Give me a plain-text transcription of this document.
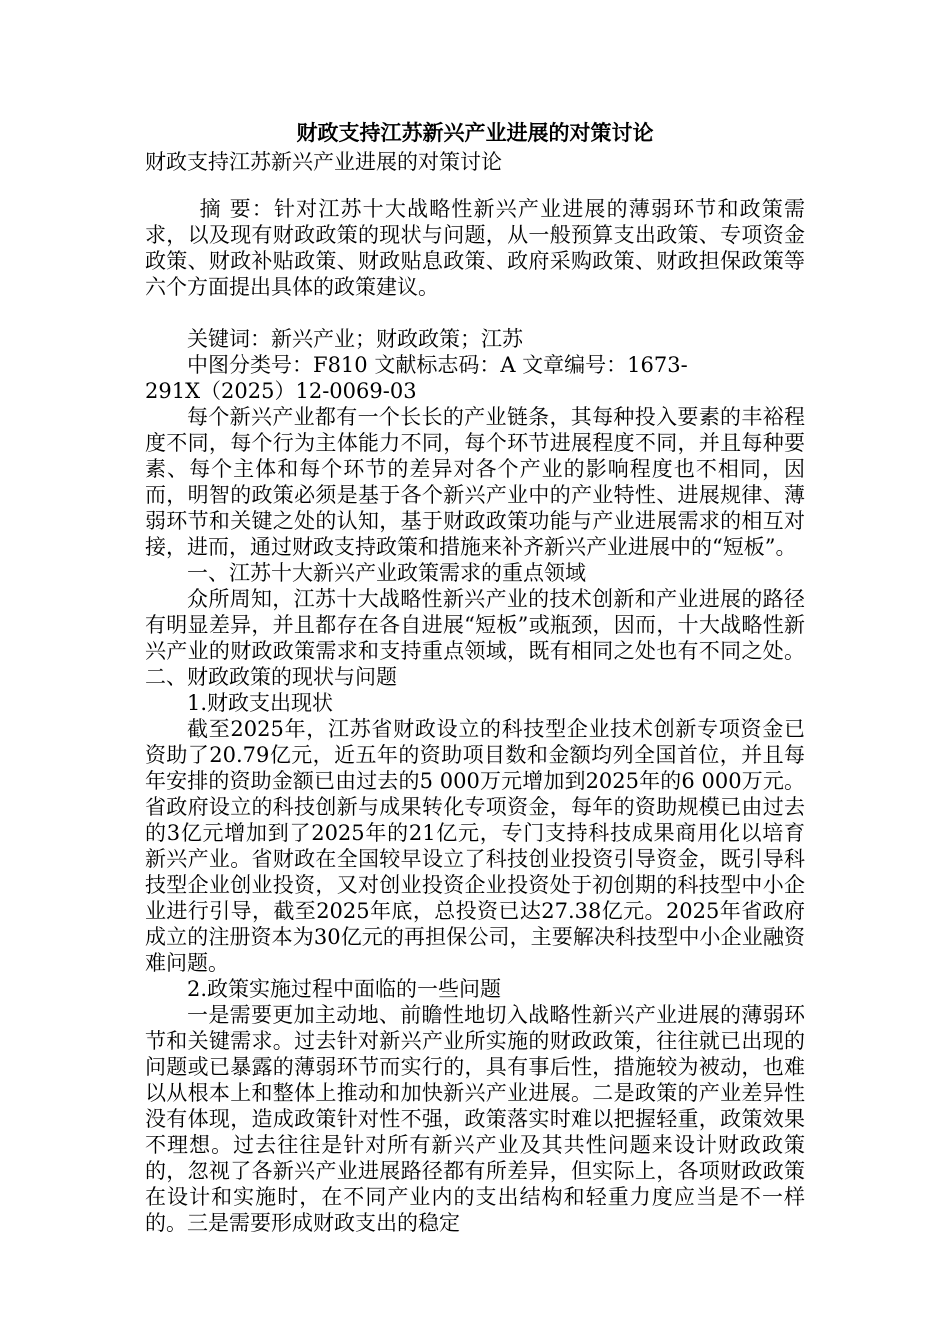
财政支持江苏新兴产业进展的对策讨论

财政支持江苏新兴产业进展的对策讨论

摘 要：针对江苏十大战略性新兴产业进展的薄弱环节和政策需求，以及现有财政政策的现状与问题，从一般预算支出政策、专项资金政策、财政补贴政策、财政贴息政策、政府采购政策、财政担保政策等六个方面提出具体的政策建议。

关键词：新兴产业；财政政策；江苏

中图分类号：F810 文献标志码：A 文章编号：1673-

291X（2025）12-0069-03

每个新兴产业都有一个长长的产业链条，其每种投入要素的丰裕程度不同，每个行为主体能力不同，每个环节进展程度不同，并且每种要素、每个主体和每个环节的差异对各个产业的影响程度也不相同，因而，明智的政策必须是基于各个新兴产业中的产业特性、进展规律、薄弱环节和关键之处的认知，基于财政政策功能与产业进展需求的相互对接，进而，通过财政支持政策和措施来补齐新兴产业进展中的“短板”。

一、江苏十大新兴产业政策需求的重点领域

众所周知，江苏十大战略性新兴产业的技术创新和产业进展的路径有明显差异，并且都存在各自进展“短板”或瓶颈，因而，十大战略性新兴产业的财政政策需求和支持重点领域，既有相同之处也有不同之处。 二、财政政策的现状与问题

1.财政支出现状

截至2025年，江苏省财政设立的科技型企业技术创新专项资金已资助了20.79亿元，近五年的资助项目数和金额均列全国首位，并且每年安排的资助金额已由过去的5 000万元增加到2025年的6 000万元。省政府设立的科技创新与成果转化专项资金，每年的资助规模已由过去的3亿元增加到了2025年的21亿元，专门支持科技成果商用化以培育新兴产业。省财政在全国较早设立了科技创业投资引导资金，既引导科技型企业创业投资，又对创业投资企业投资处于初创期的科技型中小企业进行引导，截至2025年底，总投资已达27.38亿元。2025年省政府成立的注册资本为30亿元的再担保公司，主要解决科技型中小企业融资难问题。

2.政策实施过程中面临的一些问题

一是需要更加主动地、前瞻性地切入战略性新兴产业进展的薄弱环节和关键需求。过去针对新兴产业所实施的财政政策，往往就已出现的问题或已暴露的薄弱环节而实行的，具有事后性，措施较为被动，也难以从根本上和整体上推动和加快新兴产业进展。二是政策的产业差异性没有体现，造成政策针对性不强，政策落实时难以把握轻重，政策效果不理想。过去往往是针对所有新兴产业及其共性问题来设计财政政策的，忽视了各新兴产业进展路径都有所差异，但实际上，各项财政政策在设计和实施时，在不同产业内的支出结构和轻重力度应当是不一样的。三是需要形成财政支出的稳定
